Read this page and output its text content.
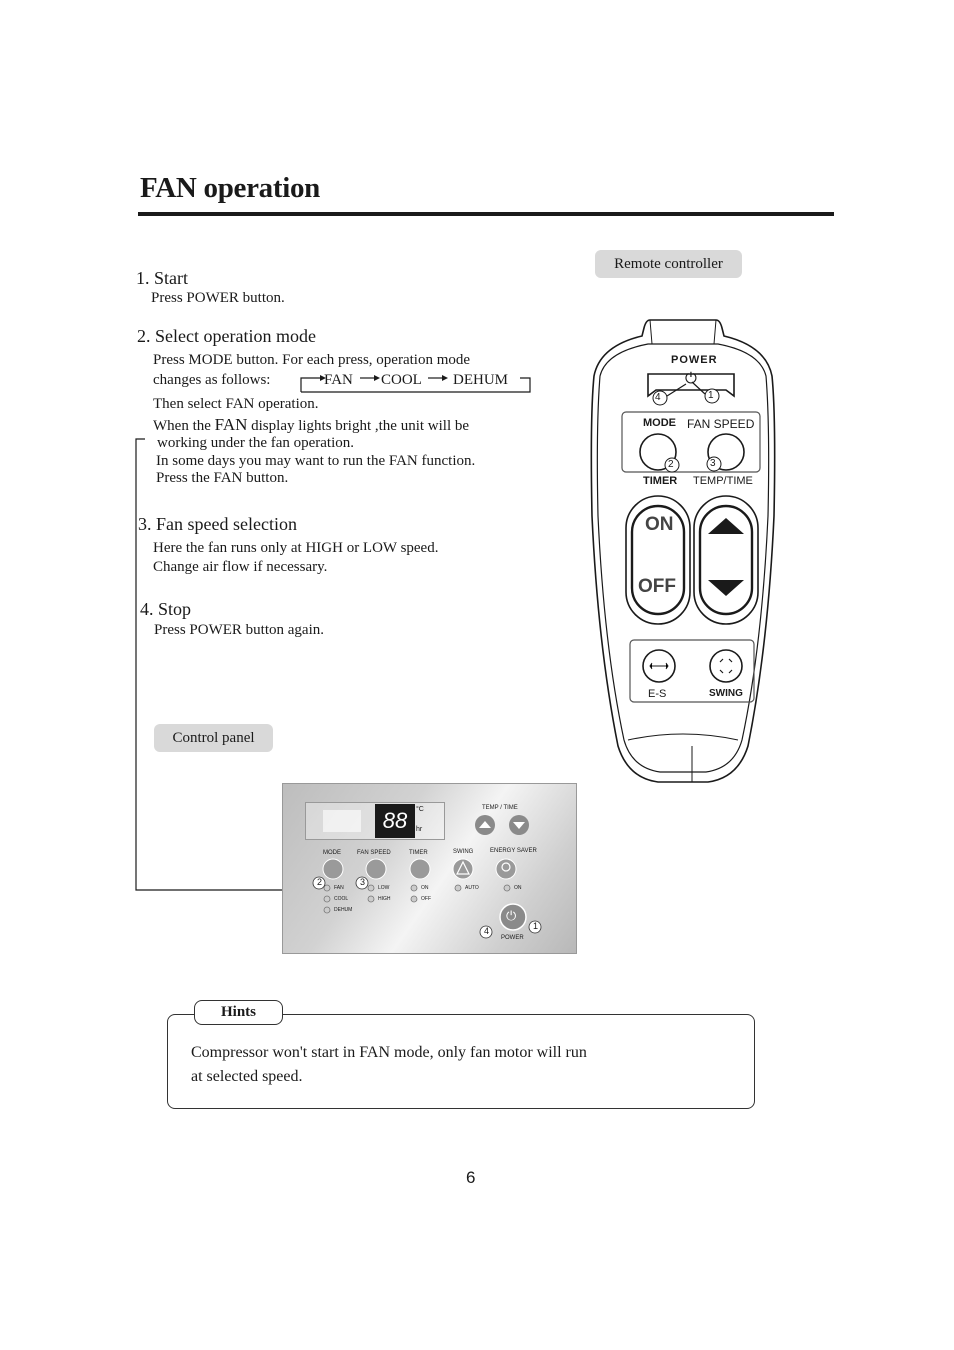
FAN operation
Remote controller
1. Start
Press POWER button.
2. Select operation mode
Press MODE button. For each press, operation mode
changes as follows:	FAN COOL DEHUM
Then select FAN operation.
When the FAN display lights bright ,the unit will be
working under the fan operation.
In some days you may want to run the FAN function.
Press the FAN button.
3. Fan speed selection
Here the fan runs only at HIGH or LOW speed.
Change air flow if necessary.
4. Stop
Press POWER button again.
Control panel
POWER
⏻
4	1
MODE FAN SPEED
2	3
TIMER TEMP/TIME
ON
OFF
E-S	SWING
88	°C
hr
TEMP / TIME
MODE	FAN SPEED	TIMER	SWING	ENERGY SAVER
⏻
FAN
COOL
DEHUM
LOW
HIGH
ON
OFF
AUTO	ON
POWER
2	3
4	1
Hints
Compressor won't start in FAN mode, only fan motor will run
at selected speed.
6
